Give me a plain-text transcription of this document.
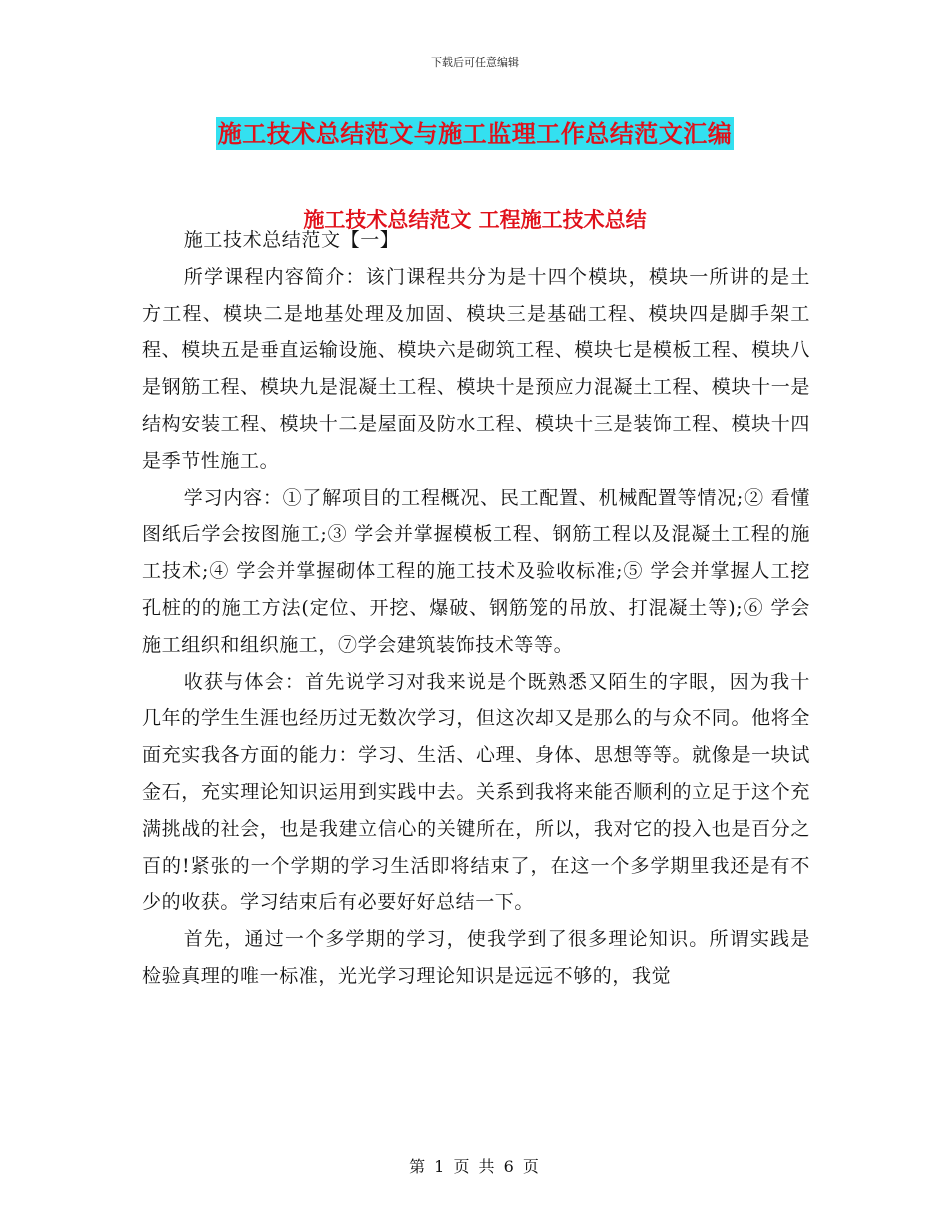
下载后可任意编辑
施工技术总结范文与施工监理工作总结范文汇编
施工技术总结范文 工程施工技术总结

施工技术总结范文【一】

所学课程内容简介：该门课程共分为是十四个模块，模块一所讲的是土方工程、模块二是地基处理及加固、模块三是基础工程、模块四是脚手架工程、模块五是垂直运输设施、模块六是砌筑工程、模块七是模板工程、模块八是钢筋工程、模块九是混凝土工程、模块十是预应力混凝土工程、模块十一是结构安装工程、模块十二是屋面及防水工程、模块十三是装饰工程、模块十四是季节性施工。

学习内容：①了解项目的工程概况、民工配置、机械配置等情况;② 看懂图纸后学会按图施工;③ 学会并掌握模板工程、钢筋工程以及混凝土工程的施工技术;④ 学会并掌握砌体工程的施工技术及验收标准;⑤ 学会并掌握人工挖孔桩的的施工方法(定位、开挖、爆破、钢筋笼的吊放、打混凝土等);⑥ 学会施工组织和组织施工，⑦学会建筑装饰技术等等。

收获与体会：首先说学习对我来说是个既熟悉又陌生的字眼，因为我十几年的学生生涯也经历过无数次学习，但这次却又是那么的与众不同。他将全面充实我各方面的能力：学习、生活、心理、身体、思想等等。就像是一块试金石，充实理论知识运用到实践中去。关系到我将来能否顺利的立足于这个充满挑战的社会，也是我建立信心的关键所在，所以，我对它的投入也是百分之百的!紧张的一个学期的学习生活即将结束了，在这一个多学期里我还是有不少的收获。学习结束后有必要好好总结一下。

首先，通过一个多学期的学习，使我学到了很多理论知识。所谓实践是检验真理的唯一标准，光光学习理论知识是远远不够的，我觉

第 1 页 共 6 页
